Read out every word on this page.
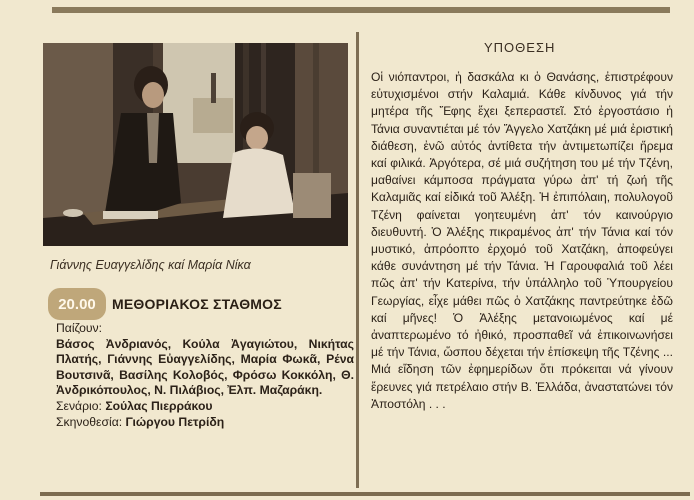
Γιάννης Ευαγγελίδης καί Μαρία Νίκα
20.00	ΜΕΘΟΡΙΑΚΟΣ ΣΤΑΘΜΟΣ
Παίζουν:
Βάσος Ἀνδριανός, Κούλα Ἀγαγιώτου, Νικήτας Πλατής, Γιάννης Εὐαγγελίδης, Μαρία Φωκᾶ, Ρένα Βουτσινᾶ, Βασίλης Κολοβός, Φρόσω Κοκκόλη, Θ. Ἀνδρικόπουλος, Ν. Πιλάβιος, Ἐλπ. Μαζαράκη.
Σενάριο: Σούλας Πιερράκου
Σκηνοθεσία: Γιώργου Πετρίδη
ΥΠΟΘΕΣΗ
Οἱ νιόπαντροι, ἡ δασκάλα κι ὁ Θανάσης, ἐπιστρέφουν εὐτυχισμένοι στήν Καλαμιά. Κάθε κίνδυνος γιά τήν μητέρα τῆς Ἔφης ἔχει ξεπεραστεῖ. Στό ἐργοστάσιο ἡ Τάνια συναντιέται μέ τόν Ἄγγελο Χατζάκη μέ μιά ἐριστική διάθεση, ἐνῶ αὐτός ἀντίθετα τήν ἀντιμετωπίζει ἤρεμα καί φιλικά. Ἀργότερα, σέ μιά συζήτηση του μέ τήν Τζένη, μαθαίνει κάμποσα πράγματα γύρω ἀπ' τή ζωή τῆς Καλαμιᾶς καί εἰδικά τοῦ Ἀλέξη. Ἡ ἐπιπόλαιη, πολυλογοῦ Τζένη φαίνεται γοητευμένη ἀπ' τόν καινούργιο διευθυντή. Ὁ Ἀλέξης πικραμένος ἀπ' τήν Τάνια καί τόν μυστικό, ἀπρόοπτο ἐρχομό τοῦ Χατζάκη, ἀποφεύγει κάθε συνάντηση μέ τήν Τάνια. Ἡ Γαρουφαλιά τοῦ λέει πῶς ἀπ' τήν Κατερίνα, τήν ὑπάλληλο τοῦ Ὑπουργείου Γεωργίας, εἶχε μάθει πῶς ὁ Χατζάκης παντρεύτηκε ἐδῶ καί μῆνες! Ὁ Ἀλέξης μεταvoιωμένος καί μέ ἀναπτερωμένο τό ἠθικό, προσπαθεῖ νά ἐπικοινωνήσει μέ τήν Τάνια, ὥσπου δέχεται τήν ἐπίσκεψη τῆς Τζένης ... Μιά εἴδηση τῶν ἐφημερίδων ὅτι πρόκειται νά γίνουν ἔρευνες γιά πετρέλαιο στήν Β. Ἑλλάδα, ἀναστατώνει τόν Ἀποστόλη . . .
